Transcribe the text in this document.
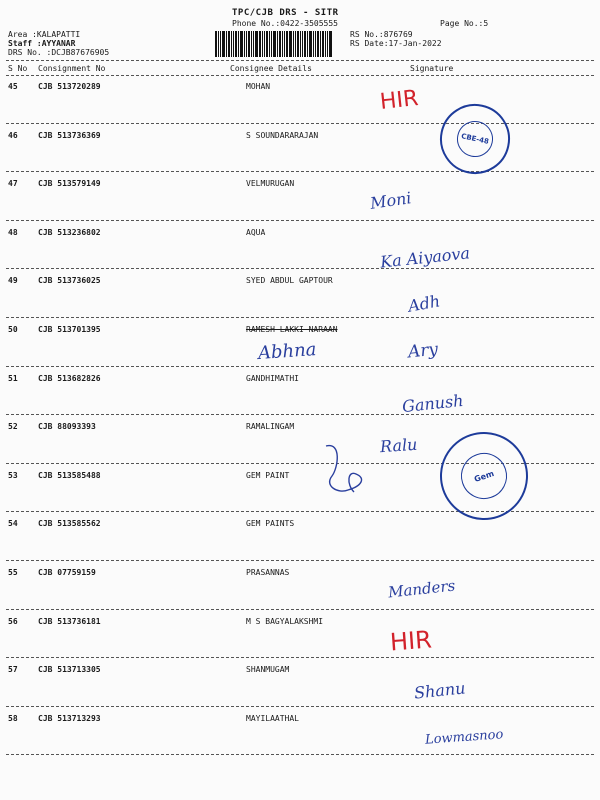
TPC/CJB DRS - SITR
Phone No.:0422-3505555	Page No.:5
Area :KALAPATTI
Staff :AYYANAR
DRS No. :DCJB87676905
RS No.:876769
RS Date:17-Jan-2022
S No Consignment No	Consignee Details	Signature
45	CJB 513720289	MOHAN	HIR
46	CJB 513736369	S SOUNDARARAJAN
47	CJB 513579149	VELMURUGAN
Moni
48	CJB 513236802	AQUA
Ka Aiyaova
49	CJB 513736025	SYED ABDUL GAPTOUR
Adh
50	CJB 513701395	RAMESH LAKKI NARAAN
Abhna	Ary
51	CJB 513682826	GANDHIMATHI
Ganush
52	CJB 88093393	RAMALINGAM
Ralu
53	CJB 513585488	GEM PAINT
54	CJB 513585562	GEM PAINTS
55	CJB 07759159	PRASANNAS
Manders
56	CJB 513736181	M S BAGYALAKSHMI
HIR
57	CJB 513713305	SHANMUGAM
Shanu
58	CJB 513713293	MAYILAATHAL
Lowmasnoo
CBE-48
Gem
